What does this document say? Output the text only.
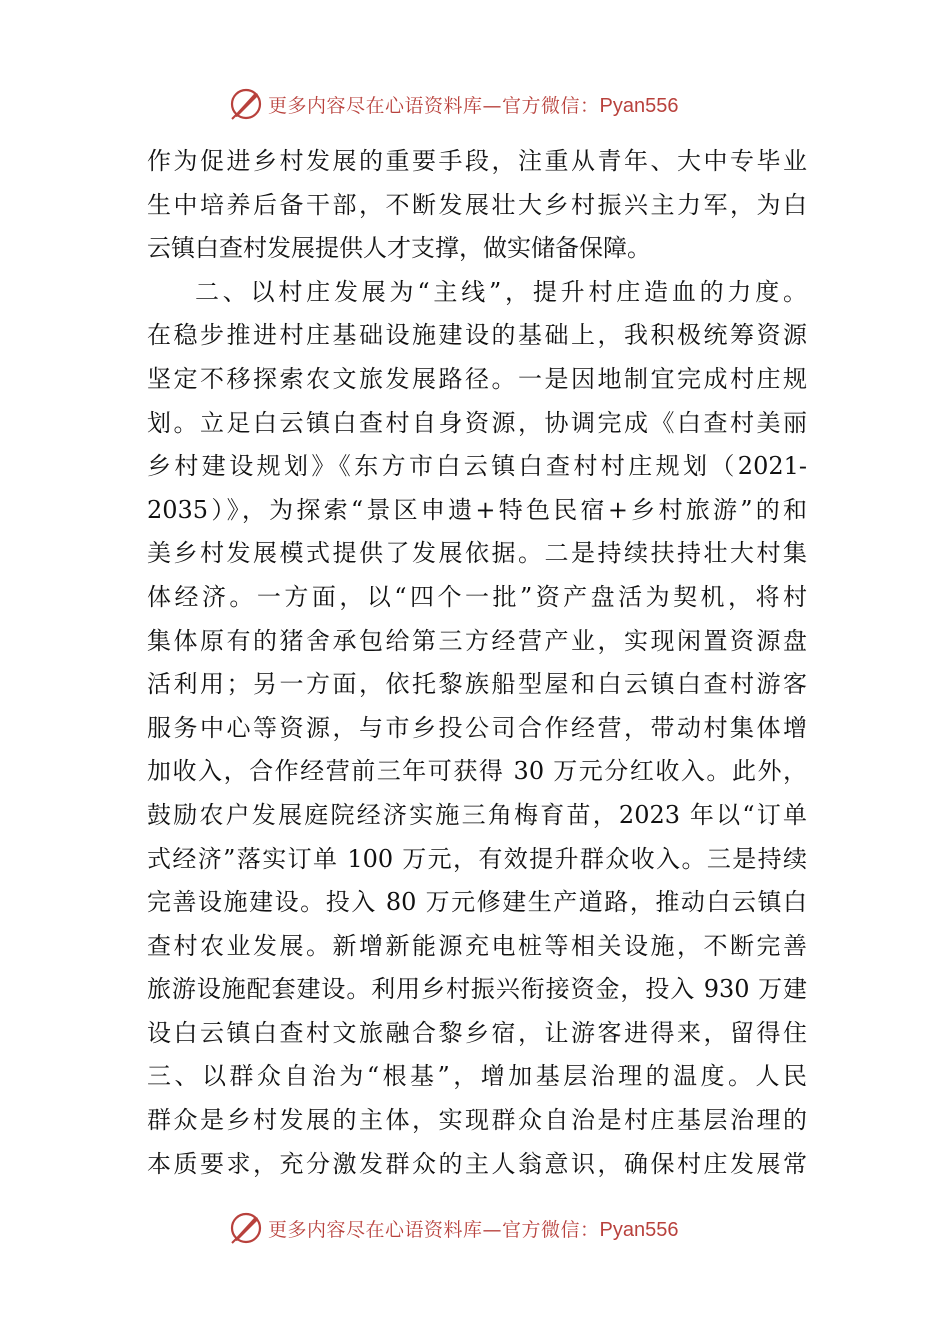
更多内容尽在心语资料库—官方微信：Pyan556
作为促进乡村发展的重要手段，注重从青年、大中专毕业
生中培养后备干部，不断发展壮大乡村振兴主力军，为白
云镇白查村发展提供人才支撑，做实储备保障。
二、以村庄发展为“主线”，提升村庄造血的力度。
在稳步推进村庄基础设施建设的基础上，我积极统筹资源
坚定不移探索农文旅发展路径。一是因地制宜完成村庄规
划。立足白云镇白查村自身资源，协调完成《白查村美丽
乡村建设规划》《东方市白云镇白查村村庄规划（2021-
2035）》，为探索“景区申遗+特色民宿+乡村旅游”的和
美乡村发展模式提供了发展依据。二是持续扶持壮大村集
体经济。一方面，以“四个一批”资产盘活为契机，将村
集体原有的猪舍承包给第三方经营产业，实现闲置资源盘
活利用；另一方面，依托黎族船型屋和白云镇白查村游客
服务中心等资源，与市乡投公司合作经营，带动村集体增
加收入，合作经营前三年可获得 30 万元分红收入。此外，
鼓励农户发展庭院经济实施三角梅育苗，2023 年以“订单
式经济”落实订单 100 万元，有效提升群众收入。三是持续
完善设施建设。投入 80 万元修建生产道路，推动白云镇白
查村农业发展。新增新能源充电桩等相关设施，不断完善
旅游设施配套建设。利用乡村振兴衔接资金，投入 930 万建
设白云镇白查村文旅融合黎乡宿，让游客进得来，留得住
三、以群众自治为“根基”，增加基层治理的温度。人民
群众是乡村发展的主体，实现群众自治是村庄基层治理的
本质要求，充分激发群众的主人翁意识，确保村庄发展常
更多内容尽在心语资料库—官方微信：Pyan556
